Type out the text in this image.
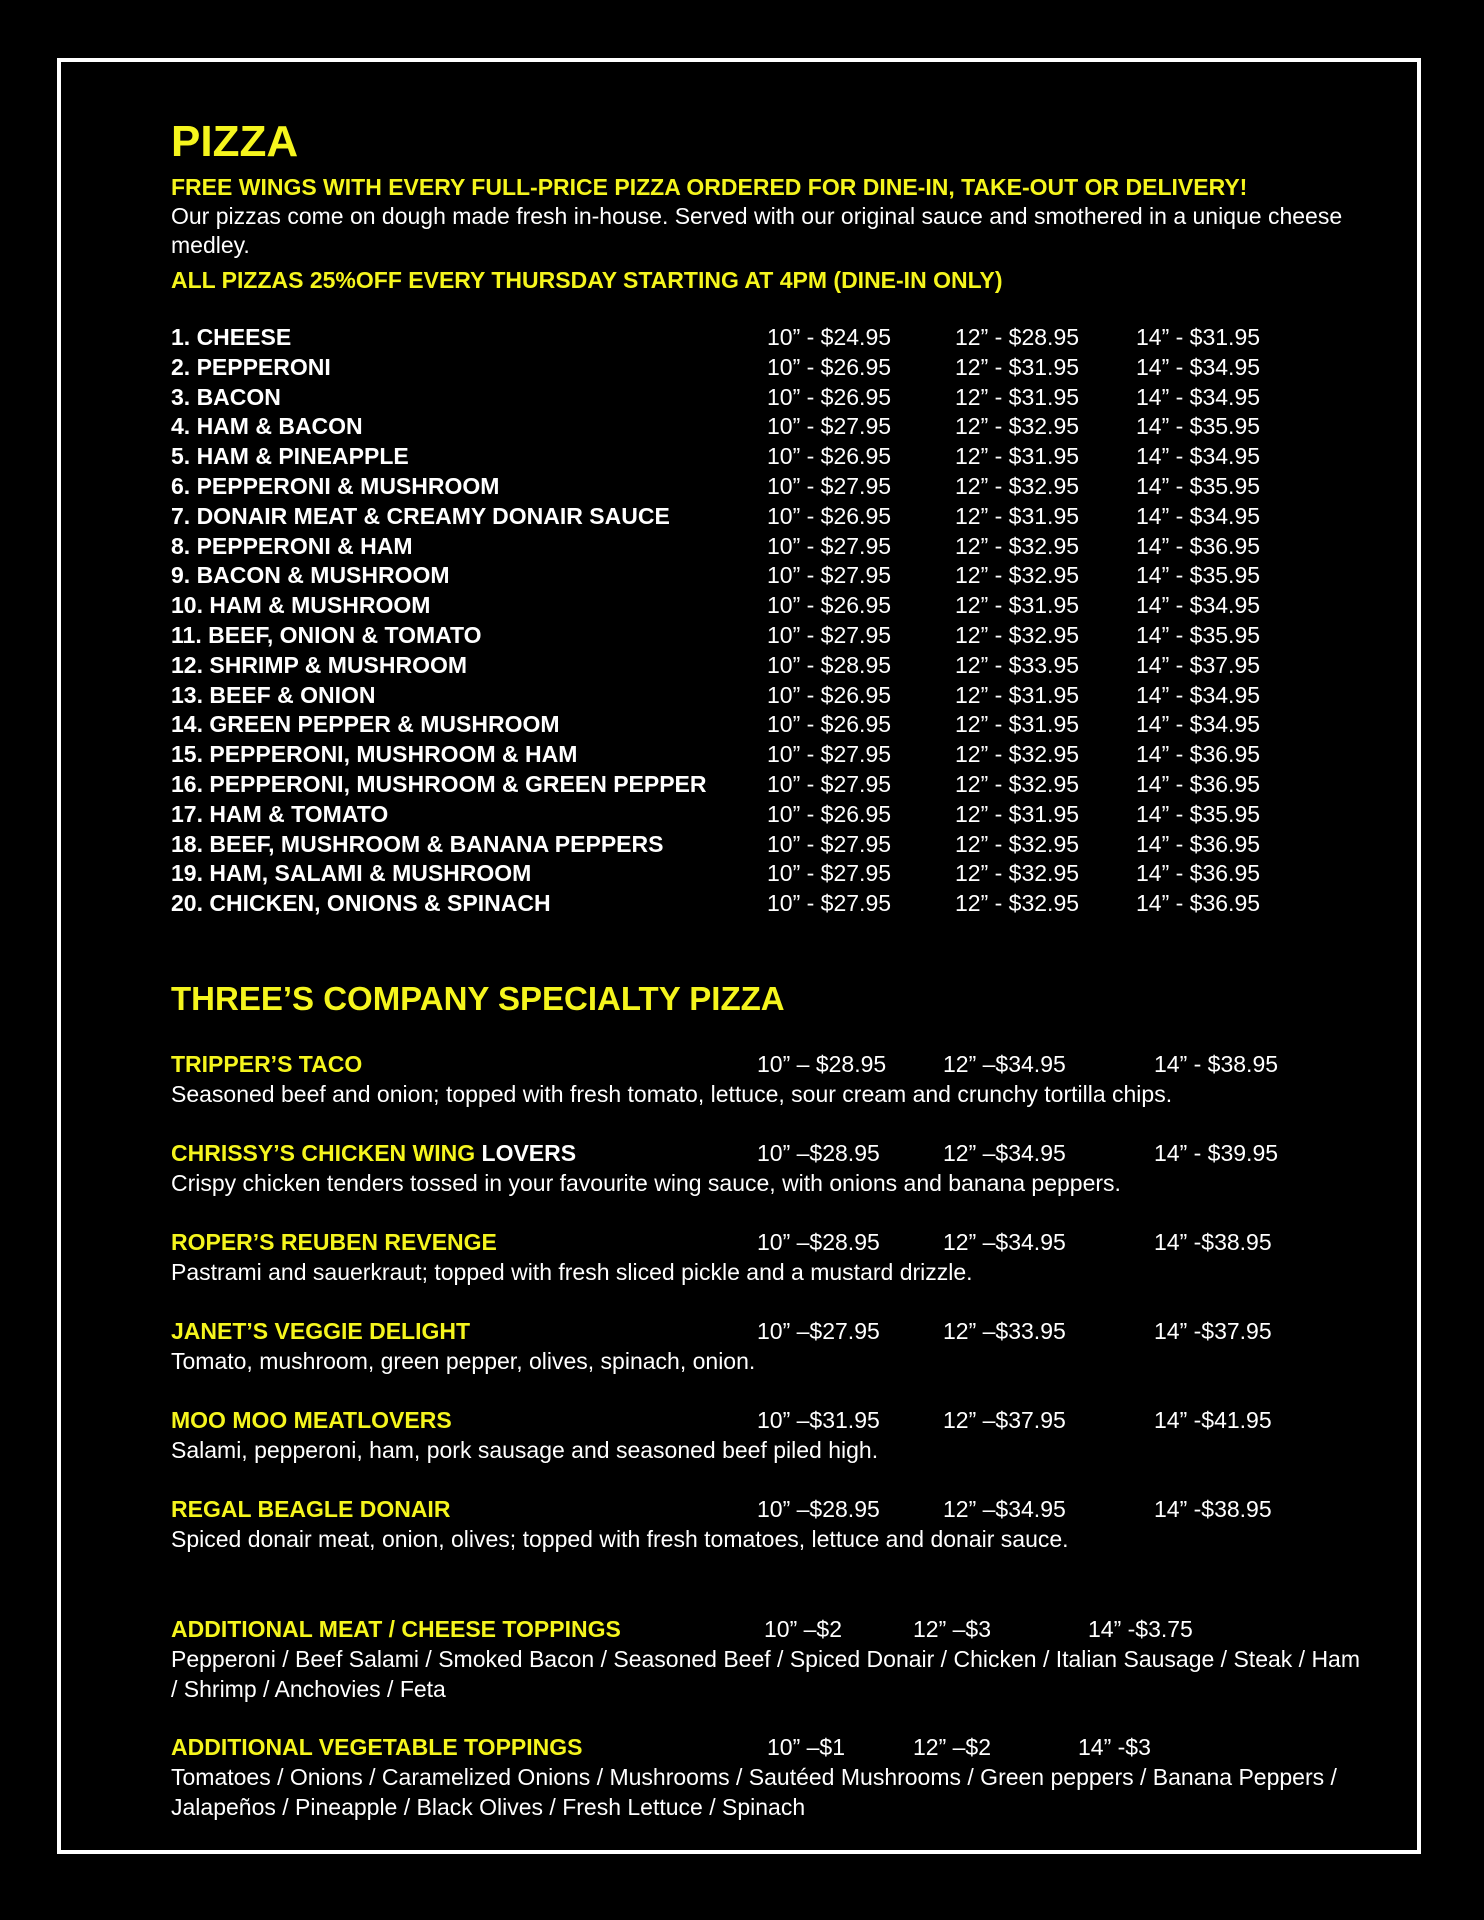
PIZZA
FREE WINGS WITH EVERY FULL-PRICE PIZZA ORDERED FOR DINE-IN, TAKE-OUT OR DELIVERY!
Our pizzas come on dough made fresh in-house. Served with our original sauce and smothered in a unique cheese medley.
ALL PIZZAS 25%OFF EVERY THURSDAY STARTING AT 4PM (DINE-IN ONLY)
1. CHEESE	10” - $24.95	12” - $28.95 14” - $31.95
2. PEPPERONI	10” - $26.95	12” - $31.95 14” - $34.95
3. BACON	10” - $26.95	12” - $31.95 14” - $34.95
4. HAM & BACON	10” - $27.95	12” - $32.95 14” - $35.95
5. HAM & PINEAPPLE	10” - $26.95	12” - $31.95 14” - $34.95
6. PEPPERONI & MUSHROOM	10” - $27.95	12” - $32.95 14” - $35.95
7. DONAIR MEAT & CREAMY DONAIR SAUCE	10” - $26.95	12” - $31.95 14” - $34.95
8. PEPPERONI & HAM	10” - $27.95	12” - $32.95 14” - $36.95
9. BACON & MUSHROOM	10” - $27.95	12” - $32.95 14” - $35.95
10. HAM & MUSHROOM	10” - $26.95	12” - $31.95 14” - $34.95
11. BEEF, ONION & TOMATO	10” - $27.95	12” - $32.95 14” - $35.95
12. SHRIMP & MUSHROOM	10” - $28.95	12” - $33.95 14” - $37.95
13. BEEF & ONION	10” - $26.95	12” - $31.95 14” - $34.95
14. GREEN PEPPER & MUSHROOM	10” - $26.95	12” - $31.95 14” - $34.95
15. PEPPERONI, MUSHROOM & HAM	10” - $27.95	12” - $32.95 14” - $36.95
16. PEPPERONI, MUSHROOM & GREEN PEPPER	10” - $27.95	12” - $32.95 14” - $36.95
17. HAM & TOMATO	10” - $26.95	12” - $31.95 14” - $35.95
18. BEEF, MUSHROOM & BANANA PEPPERS	10” - $27.95	12” - $32.95 14” - $36.95
19. HAM, SALAMI & MUSHROOM	10” - $27.95	12” - $32.95 14” - $36.95
20. CHICKEN, ONIONS & SPINACH	10” - $27.95	12” - $32.95 14” - $36.95
THREE’S COMPANY SPECIALTY PIZZA
TRIPPER’S TACO	10” – $28.95 12” –$34.95	14” - $38.95
Seasoned beef and onion; topped with fresh tomato, lettuce, sour cream and crunchy tortilla chips.
CHRISSY’S CHICKEN WING LOVERS	10” –$28.95	12” –$34.95	14” - $39.95
Crispy chicken tenders tossed in your favourite wing sauce, with onions and banana peppers.
ROPER’S REUBEN REVENGE	10” –$28.95	12” –$34.95	14” -$38.95
Pastrami and sauerkraut; topped with fresh sliced pickle and a mustard drizzle.
JANET’S VEGGIE DELIGHT	10” –$27.95	12” –$33.95	14” -$37.95
Tomato, mushroom, green pepper, olives, spinach, onion.
MOO MOO MEATLOVERS	10” –$31.95	12” –$37.95	14” -$41.95
Salami, pepperoni, ham, pork sausage and seasoned beef piled high.
REGAL BEAGLE DONAIR	10” –$28.95	12” –$34.95	14” -$38.95
Spiced donair meat, onion, olives; topped with fresh tomatoes, lettuce and donair sauce.
ADDITIONAL MEAT / CHEESE TOPPINGS	10” –$2	12” –$3	14” -$3.75
Pepperoni / Beef Salami / Smoked Bacon / Seasoned Beef / Spiced Donair / Chicken / Italian Sausage / Steak / Ham / Shrimp / Anchovies / Feta
ADDITIONAL VEGETABLE TOPPINGS	10” –$1	12” –$2	14” -$3
Tomatoes / Onions / Caramelized Onions / Mushrooms / Sautéed Mushrooms / Green peppers / Banana Peppers / Jalapeños / Pineapple / Black Olives / Fresh Lettuce / Spinach
